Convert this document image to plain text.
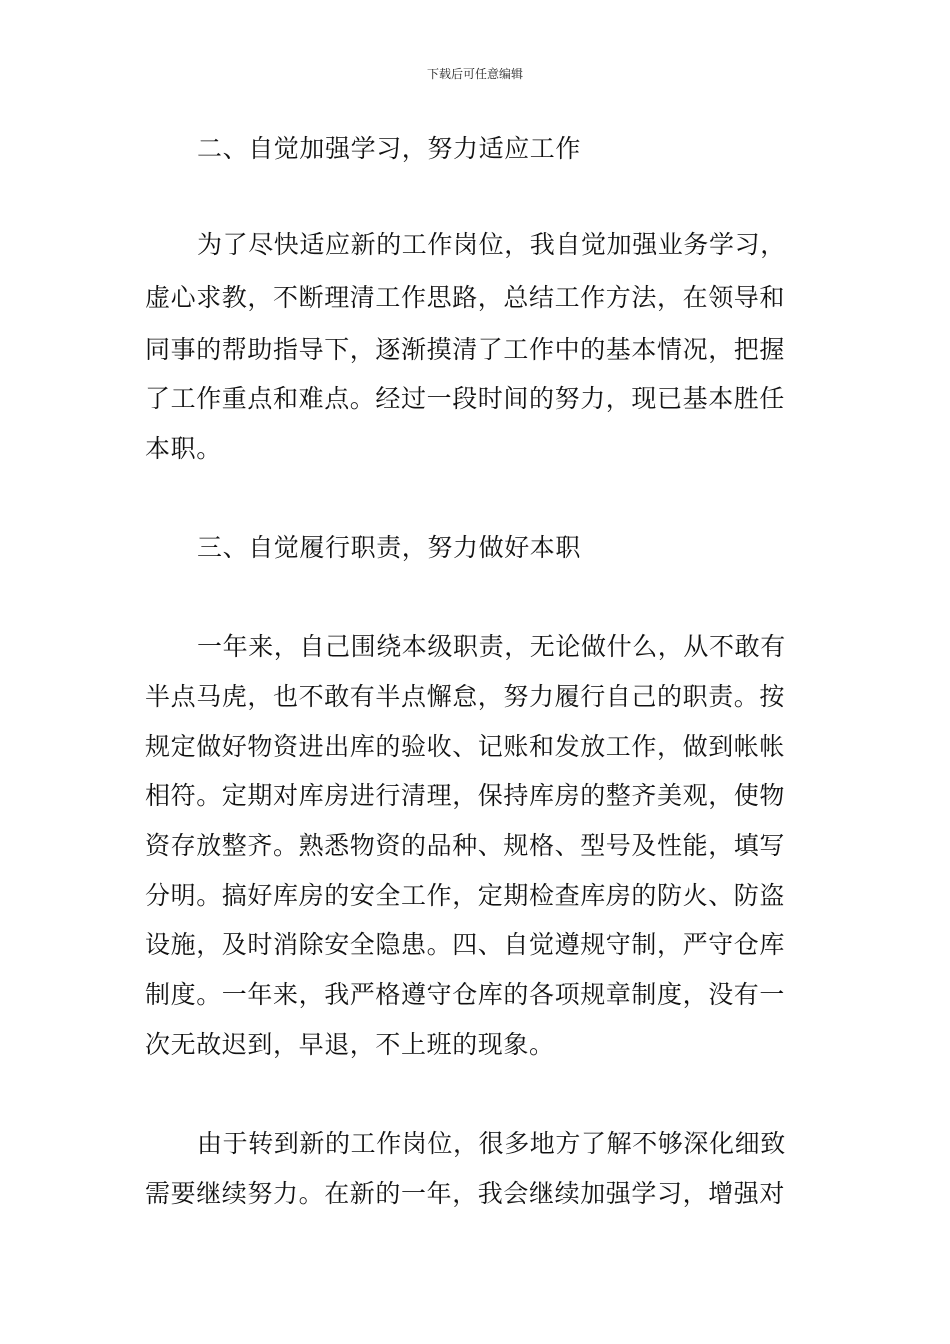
下载后可任意编辑
二、自觉加强学习，努力适应工作
为了尽快适应新的工作岗位，我自觉加强业务学习，
虚心求教，不断理清工作思路，总结工作方法，在领导和
同事的帮助指导下，逐渐摸清了工作中的基本情况，把握
了工作重点和难点。经过一段时间的努力，现已基本胜任
本职。
三、自觉履行职责，努力做好本职
一年来，自己围绕本级职责，无论做什么，从不敢有
半点马虎，也不敢有半点懈怠，努力履行自己的职责。按
规定做好物资进出库的验收、记账和发放工作，做到帐帐
相符。定期对库房进行清理，保持库房的整齐美观，使物
资存放整齐。熟悉物资的品种、规格、型号及性能，填写
分明。搞好库房的安全工作，定期检查库房的防火、防盗
设施，及时消除安全隐患。四、自觉遵规守制，严守仓库
制度。一年来，我严格遵守仓库的各项规章制度，没有一
次无故迟到，早退，不上班的现象。
由于转到新的工作岗位，很多地方了解不够深化细致
需要继续努力。在新的一年，我会继续加强学习，增强对
